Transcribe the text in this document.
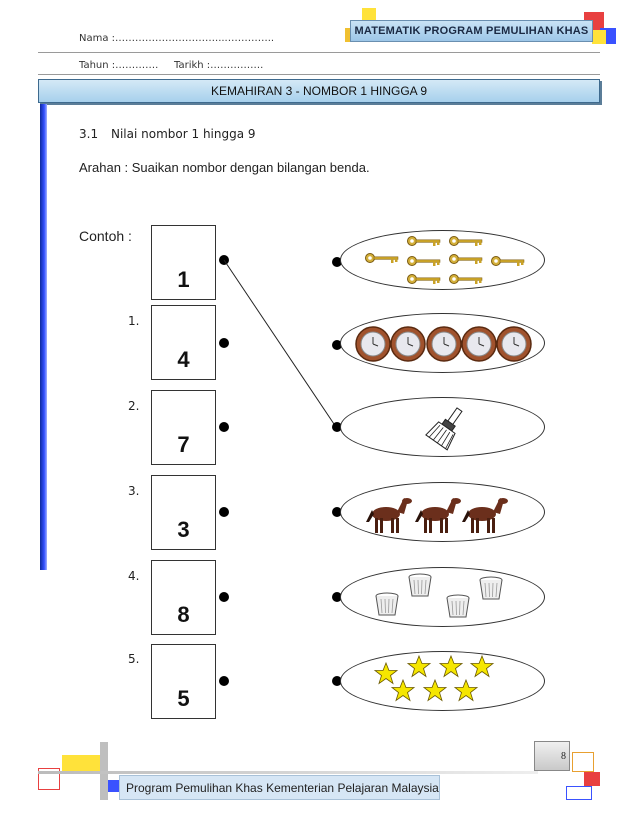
MATEMATIK PROGRAM PEMULIHAN KHAS
Nama :…………………………....…………..
Tahun :…………. Tarikh :…………….
KEMAHIRAN 3 - NOMBOR 1 HINGGA 9
3.1 Nilai nombor 1 hingga 9
Arahan : Suaikan nombor dengan bilangan benda.
Contoh :
1.
2.
3.
4.
5.
1
4
7
3
8
5
8
Program Pemulihan Khas Kementerian Pelajaran Malaysia
